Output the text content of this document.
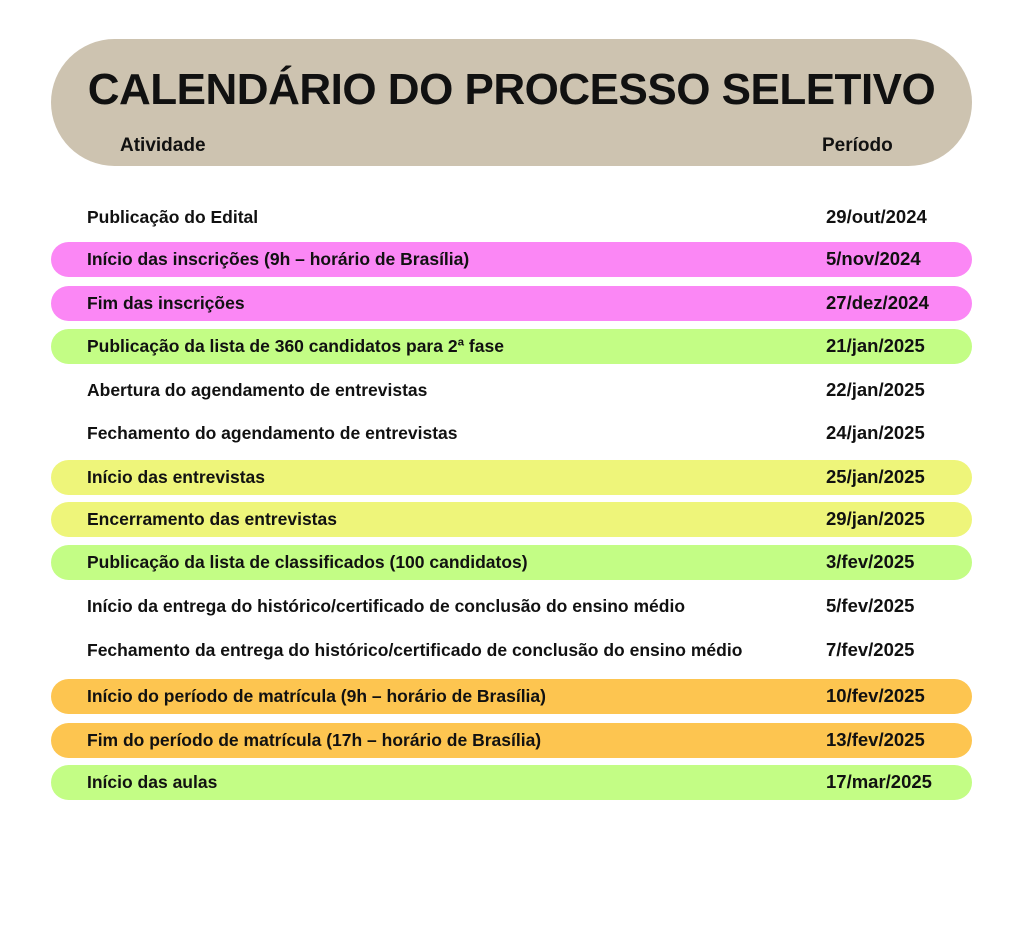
CALENDÁRIO DO PROCESSO SELETIVO
Atividade	Período
Publicação do Edital	29/out/2024
Início das inscrições (9h – horário de Brasília)	5/nov/2024
Fim das inscrições	27/dez/2024
Publicação da lista de 360 candidatos para 2ª fase	21/jan/2025
Abertura do agendamento de entrevistas	22/jan/2025
Fechamento do agendamento de entrevistas	24/jan/2025
Início das entrevistas	25/jan/2025
Encerramento das entrevistas	29/jan/2025
Publicação da lista de classificados (100 candidatos)	3/fev/2025
Início da entrega do histórico/certificado de conclusão do ensino médio	5/fev/2025
Fechamento da entrega do histórico/certificado de conclusão do ensino médio	7/fev/2025
Início do período de matrícula (9h – horário de Brasília)	10/fev/2025
Fim do período de matrícula (17h – horário de Brasília)	13/fev/2025
Início das aulas	17/mar/2025
